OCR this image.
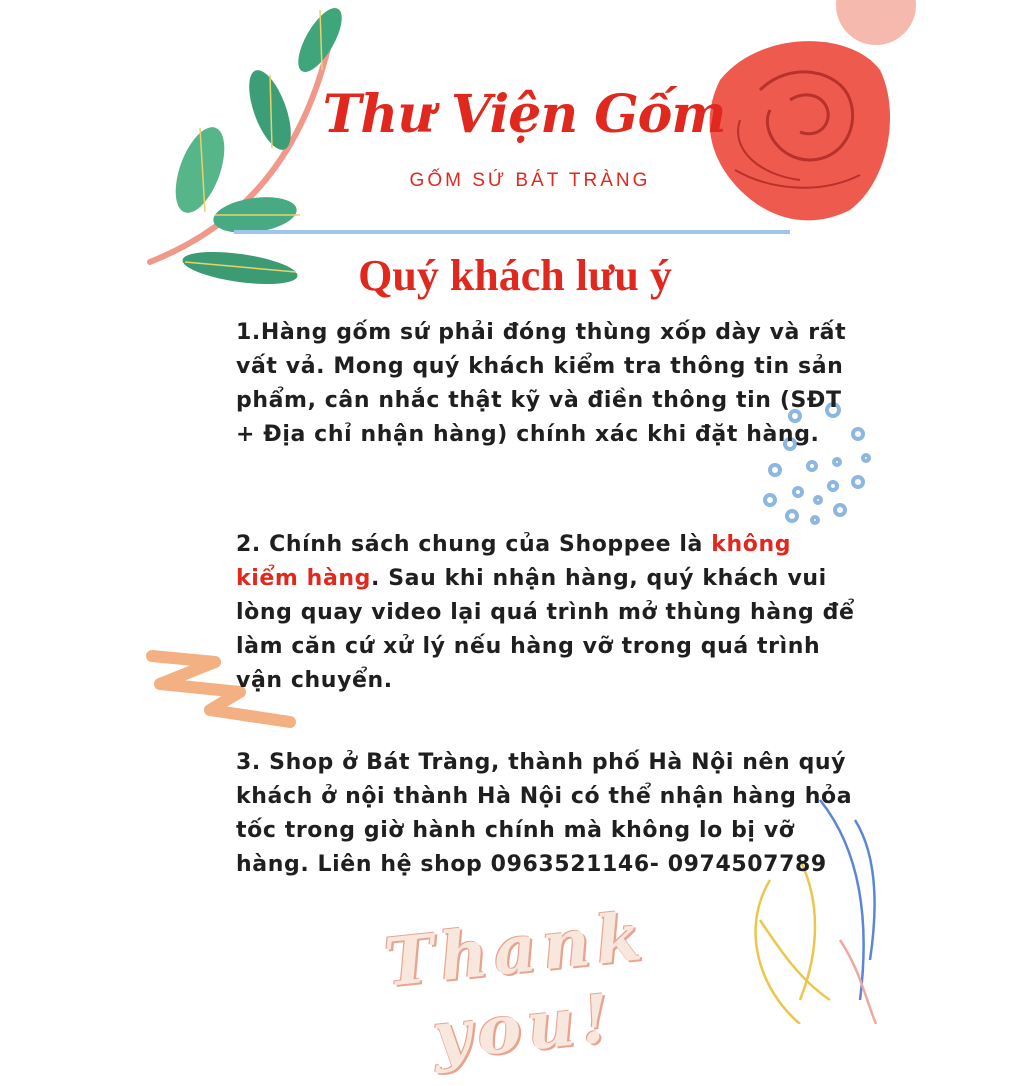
Thư Viện Gốm
GỐM SỨ BÁT TRÀNG
Quý khách lưu ý
1.Hàng gốm sứ phải đóng thùng xốp dày và rất vất vả. Mong quý khách kiểm tra thông tin sản phẩm, cân nhắc thật kỹ và điền thông tin (SĐT + Địa chỉ nhận hàng) chính xác khi đặt hàng.
2. Chính sách chung của Shoppee là không kiểm hàng. Sau khi nhận hàng, quý khách vui lòng quay video lại quá trình mở thùng hàng để làm căn cứ xử lý nếu hàng vỡ trong quá trình vận chuyển.
3. Shop ở Bát Tràng, thành phố Hà Nội nên quý khách ở nội thành Hà Nội có thể nhận hàng hỏa tốc trong giờ hành chính mà không lo bị vỡ hàng. Liên hệ shop 0963521146- 0974507789
Thank you!
